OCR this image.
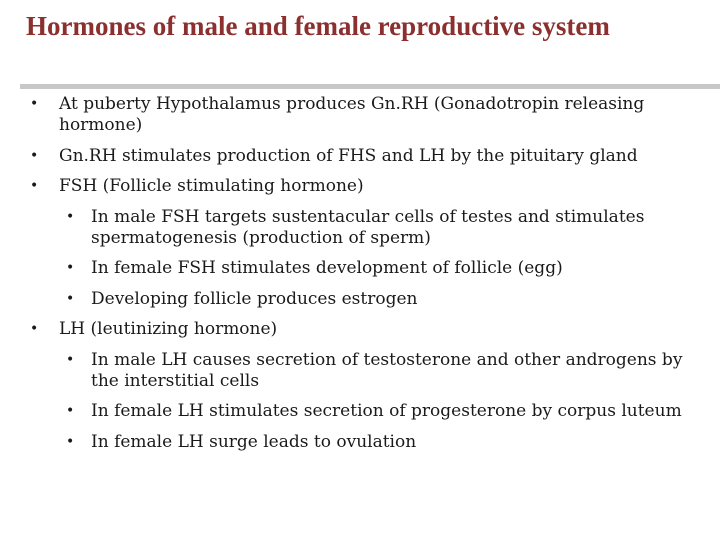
Hormones of male and female reproductive system
• At puberty Hypothalamus produces Gn.RH (Gonadotropin releasing hormone)
• Gn.RH stimulates production of FHS and LH by the pituitary gland
• FSH (Follicle stimulating hormone)
• In male FSH targets sustentacular cells of testes and stimulates spermatogenesis (production of sperm)
• In female FSH stimulates development of follicle (egg)
• Developing follicle produces estrogen
• LH (leutinizing hormone)
• In male LH causes secretion of testosterone and other androgens by the interstitial cells
• In female LH stimulates secretion of progesterone by corpus luteum
• In female LH surge leads to ovulation
